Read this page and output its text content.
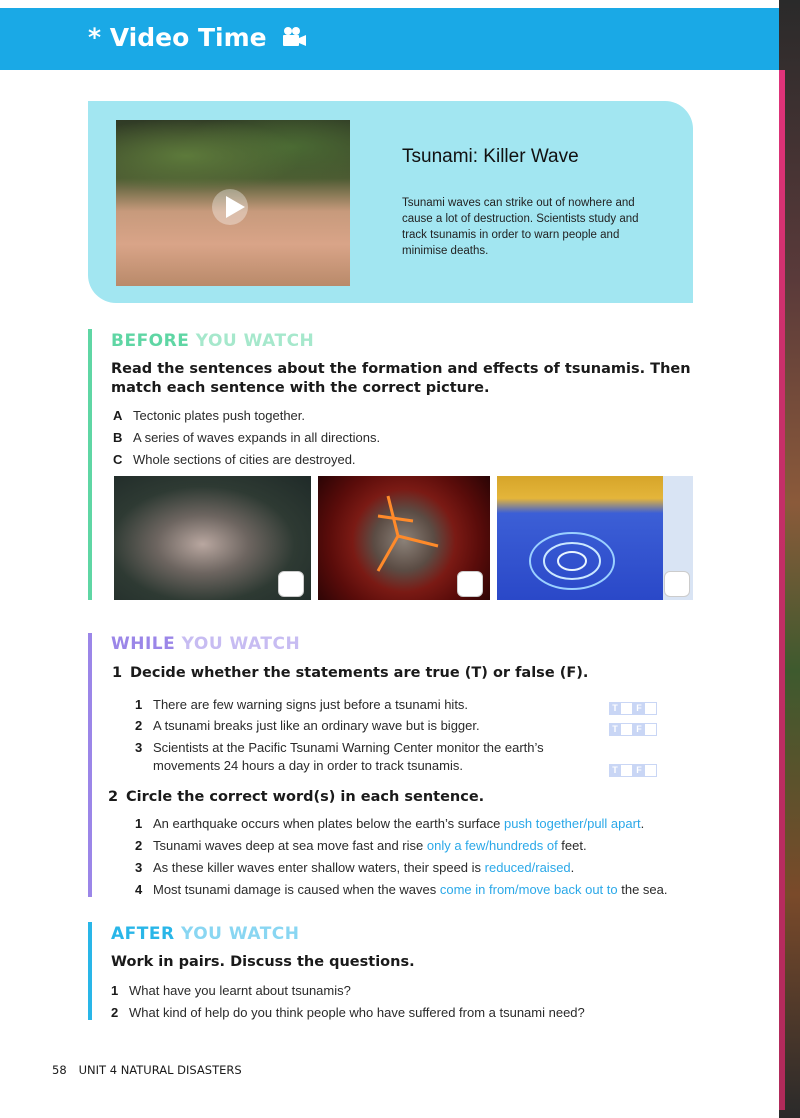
* Video Time
Tsunami: Killer Wave
Tsunami waves can strike out of nowhere and cause a lot of destruction. Scientists study and track tsunamis in order to warn people and minimise deaths.
BEFORE YOU WATCH
Read the sentences about the formation and effects of tsunamis. Then match each sentence with the correct picture.
A Tectonic plates push together.
B A series of waves expands in all directions.
C Whole sections of cities are destroyed.
WHILE YOU WATCH
1 Decide whether the statements are true (T) or false (F).
1 There are few warning signs just before a tsunami hits.
2 A tsunami breaks just like an ordinary wave but is bigger.
3 Scientists at the Pacific Tsunami Warning Center monitor the earth’s
movements 24 hours a day in order to track tsunamis.
T F
T F
T F
2 Circle the correct word(s) in each sentence.
1 An earthquake occurs when plates below the earth’s surface push together/pull apart.
2 Tsunami waves deep at sea move fast and rise only a few/hundreds of feet.
3 As these killer waves enter shallow waters, their speed is reduced/raised.
4 Most tsunami damage is caused when the waves come in from/move back out to the sea.
AFTER YOU WATCH
Work in pairs. Discuss the questions.
1 What have you learnt about tsunamis?
2 What kind of help do you think people who have suffered from a tsunami need?
58 UNIT 4 NATURAL DISASTERS
